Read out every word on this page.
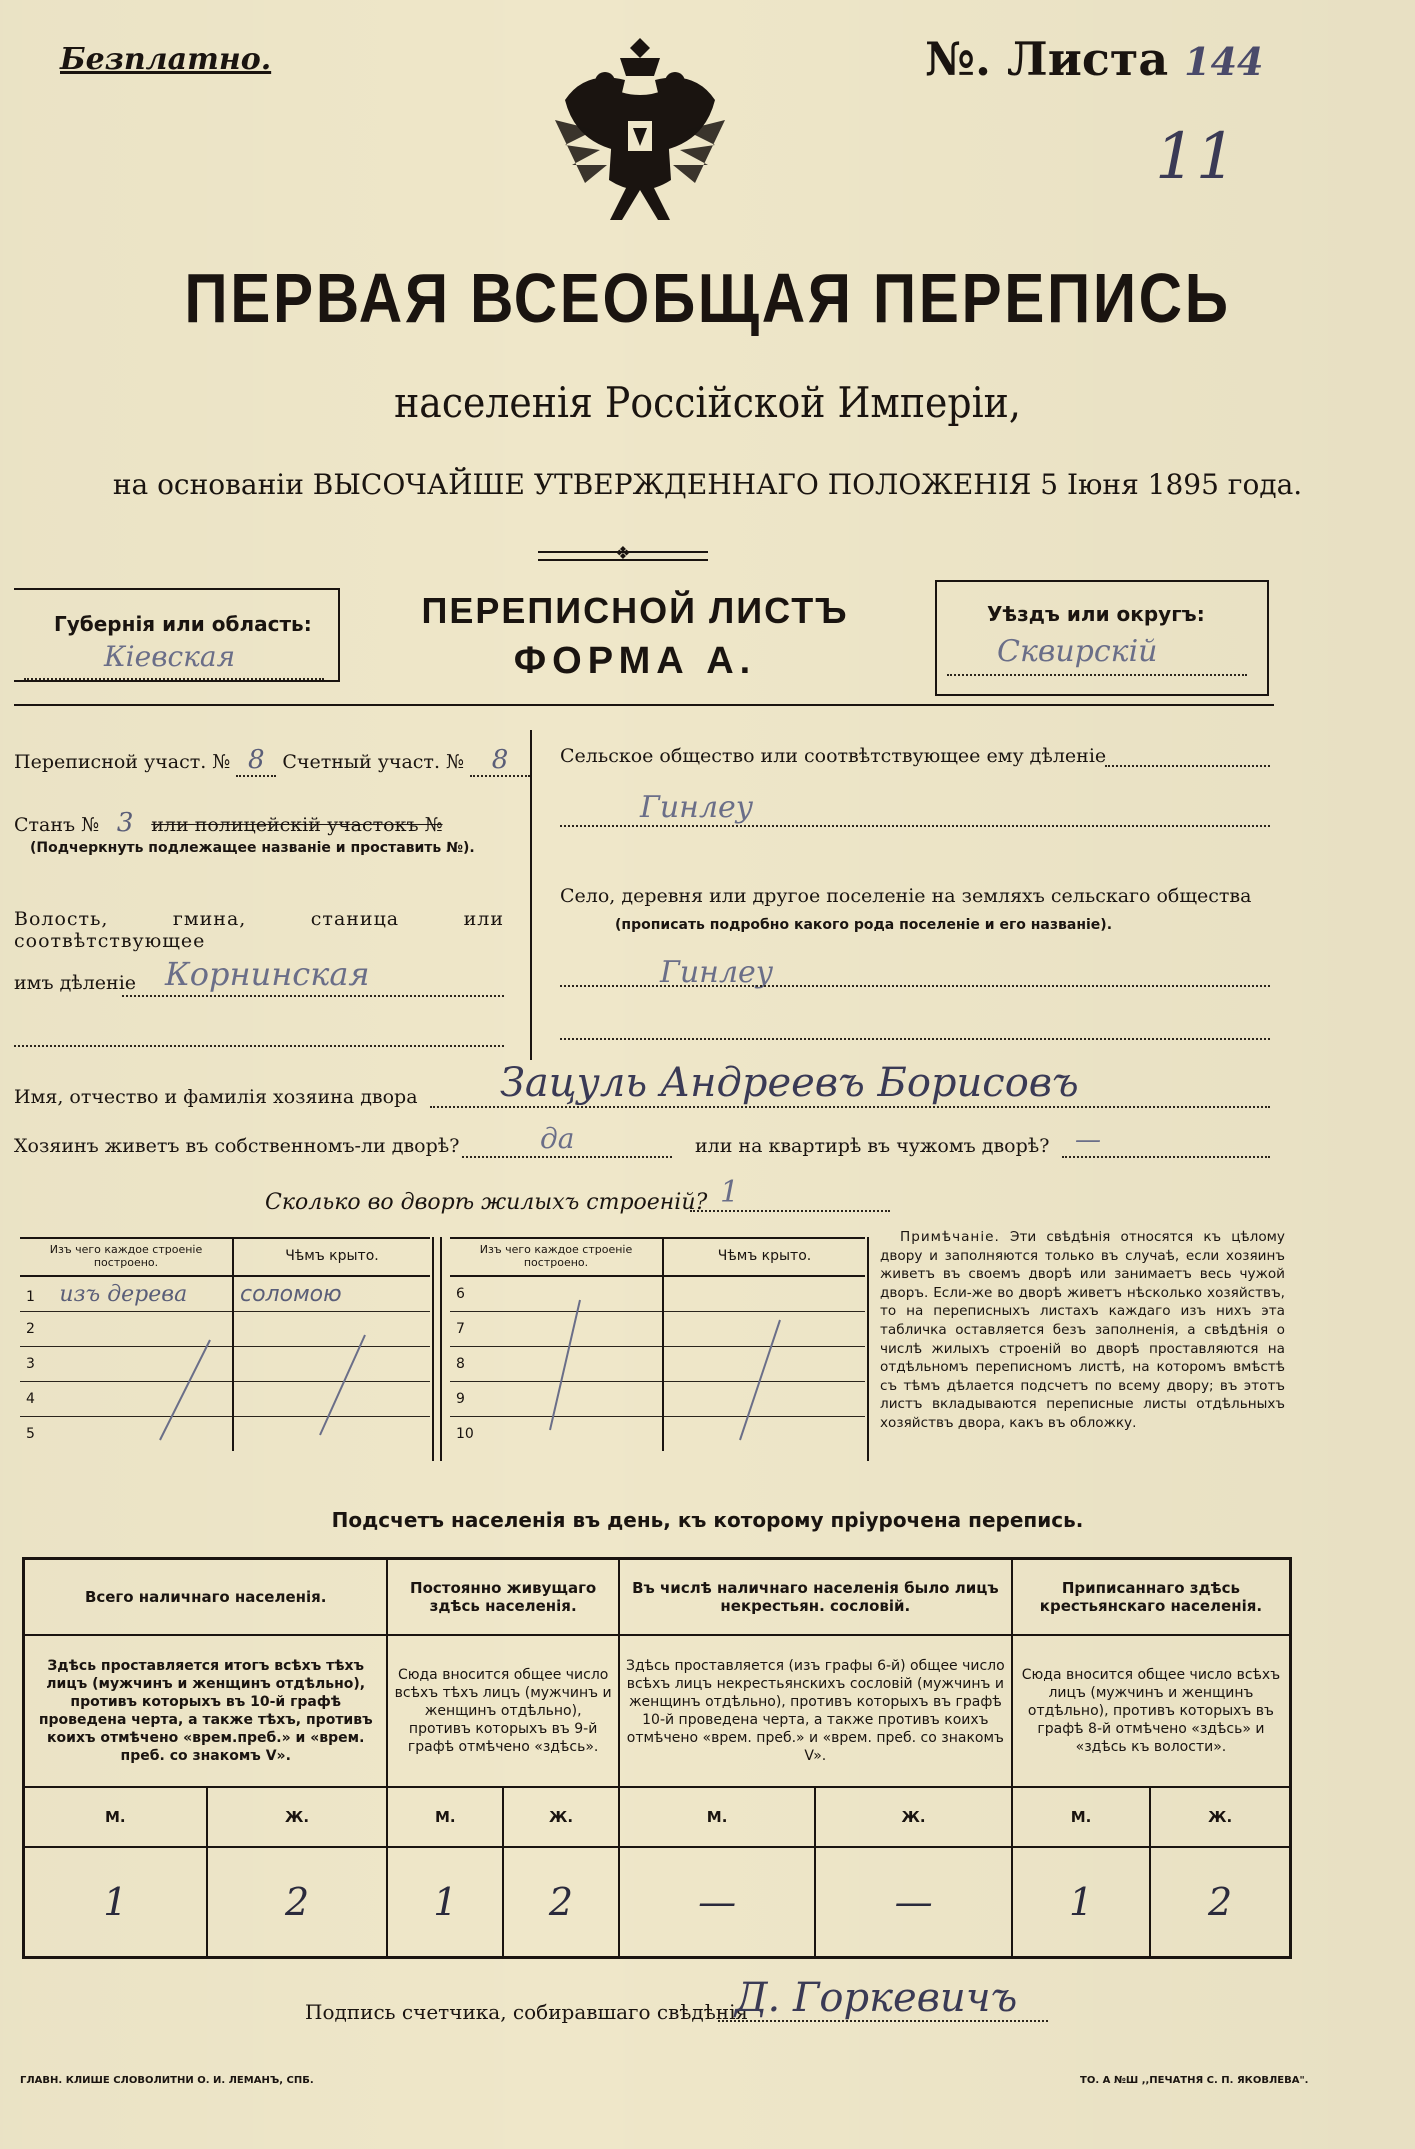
Безплатно.	№. Листа 144
11
ПЕРВАЯ ВСЕОБЩАЯ ПЕРЕПИСЬ
населенія Россійской Имперіи,
на основаніи ВЫСОЧАЙШЕ УТВЕРЖДЕННАГО ПОЛОЖЕНІЯ 5 Іюня 1895 года.
❖
Губернія или область:
Кіевская
ПЕРЕПИСНОЙ ЛИСТЪ
ФОРМА А.
Уѣздъ или округъ:
Сквирскій
Переписной участ. № 8 Счетный участ. № 8
Станъ № 3 или полицейскій участокъ №
(Подчеркнуть подлежащее названіе и проставить №).
Волость, гмина, станица или соотвѣтствующее
имъ дѣленіе Корнинская
Сельское общество или соотвѣтствующее ему дѣленіе
Гинлеу
Село, деревня или другое поселеніе на земляхъ сельскаго общества
(прописать подробно какого рода поселеніе и его названіе).
Гинлеу
Имя, отчество и фамилія хозяина двора Зацуль Андреевъ Борисовъ
Хозяинъ живетъ въ собственномъ-ли дворѣ?	да	или на квартирѣ въ чужомъ дворѣ? —
Сколько во дворѣ жилыхъ строеній? 1
Изъ чего каждое строеніе построено.	Чѣмъ крыто.
1 изъ дерева	соломою
2	
3	
4	
5	
Изъ чего каждое строеніе построено.	Чѣмъ крыто.
6	
7	
8	
9	
10	
Примѣчаніе. Эти свѣдѣнія относятся къ цѣлому двору и заполняются только въ случаѣ, если хозяинъ живетъ въ своемъ дворѣ или занимаетъ весь чужой дворъ. Если-же во дворѣ живетъ нѣсколько хозяйствъ, то на переписныхъ листахъ каждаго изъ нихъ эта табличка оставляется безъ заполненія, а свѣдѣнія о числѣ жилыхъ строеній во дворѣ проставляются на отдѣльномъ переписномъ листѣ, на которомъ вмѣстѣ съ тѣмъ дѣлается подсчетъ по всему двору; въ этотъ листъ вкладываются переписные листы отдѣльныхъ хозяйствъ двора, какъ въ обложку.
Подсчетъ населенія въ день, къ которому пріурочена перепись.
Всего наличнаго населенія.		Постоянно живущаго здѣсь населенія.		Въ числѣ наличнаго населенія было лицъ некрестьян. сословій.		Приписаннаго здѣсь крестьянскаго населенія.	
Здѣсь проставляется итогъ всѣхъ тѣхъ лицъ (мужчинъ и женщинъ отдѣльно), противъ которыхъ въ 10-й графѣ проведена черта, а также тѣхъ, противъ коихъ отмѣчено «врем.преб.» и «врем. преб. со знакомъ V».		Сюда вносится общее число всѣхъ тѣхъ лицъ (мужчинъ и женщинъ отдѣльно), противъ которыхъ въ 9-й графѣ отмѣчено «здѣсь».		Здѣсь проставляется (изъ графы 6-й) общее число всѣхъ лицъ некрестьянскихъ сословій (мужчинъ и женщинъ отдѣльно), противъ которыхъ въ графѣ 10-й проведена черта, а также противъ коихъ отмѣчено «врем. преб.» и «врем. преб. со знакомъ V».		Сюда вносится общее число всѣхъ лицъ (мужчинъ и женщинъ отдѣльно), противъ которыхъ въ графѣ 8-й отмѣчено «здѣсь» и «здѣсь къ волости».	
М.	Ж.	М.	Ж.	М.	Ж.	М.	Ж.
1	2	1	2	—	—	1	2
Подпись счетчика, собиравшаго свѣдѣнія
Д. Горкевичъ
ГЛАВН. КЛИШЕ СЛОВОЛИТНИ О. И. ЛЕМАНЪ, СПБ.	ТО. А №Ш ,,ПЕЧАТНЯ С. П. ЯКОВЛЕВА".
